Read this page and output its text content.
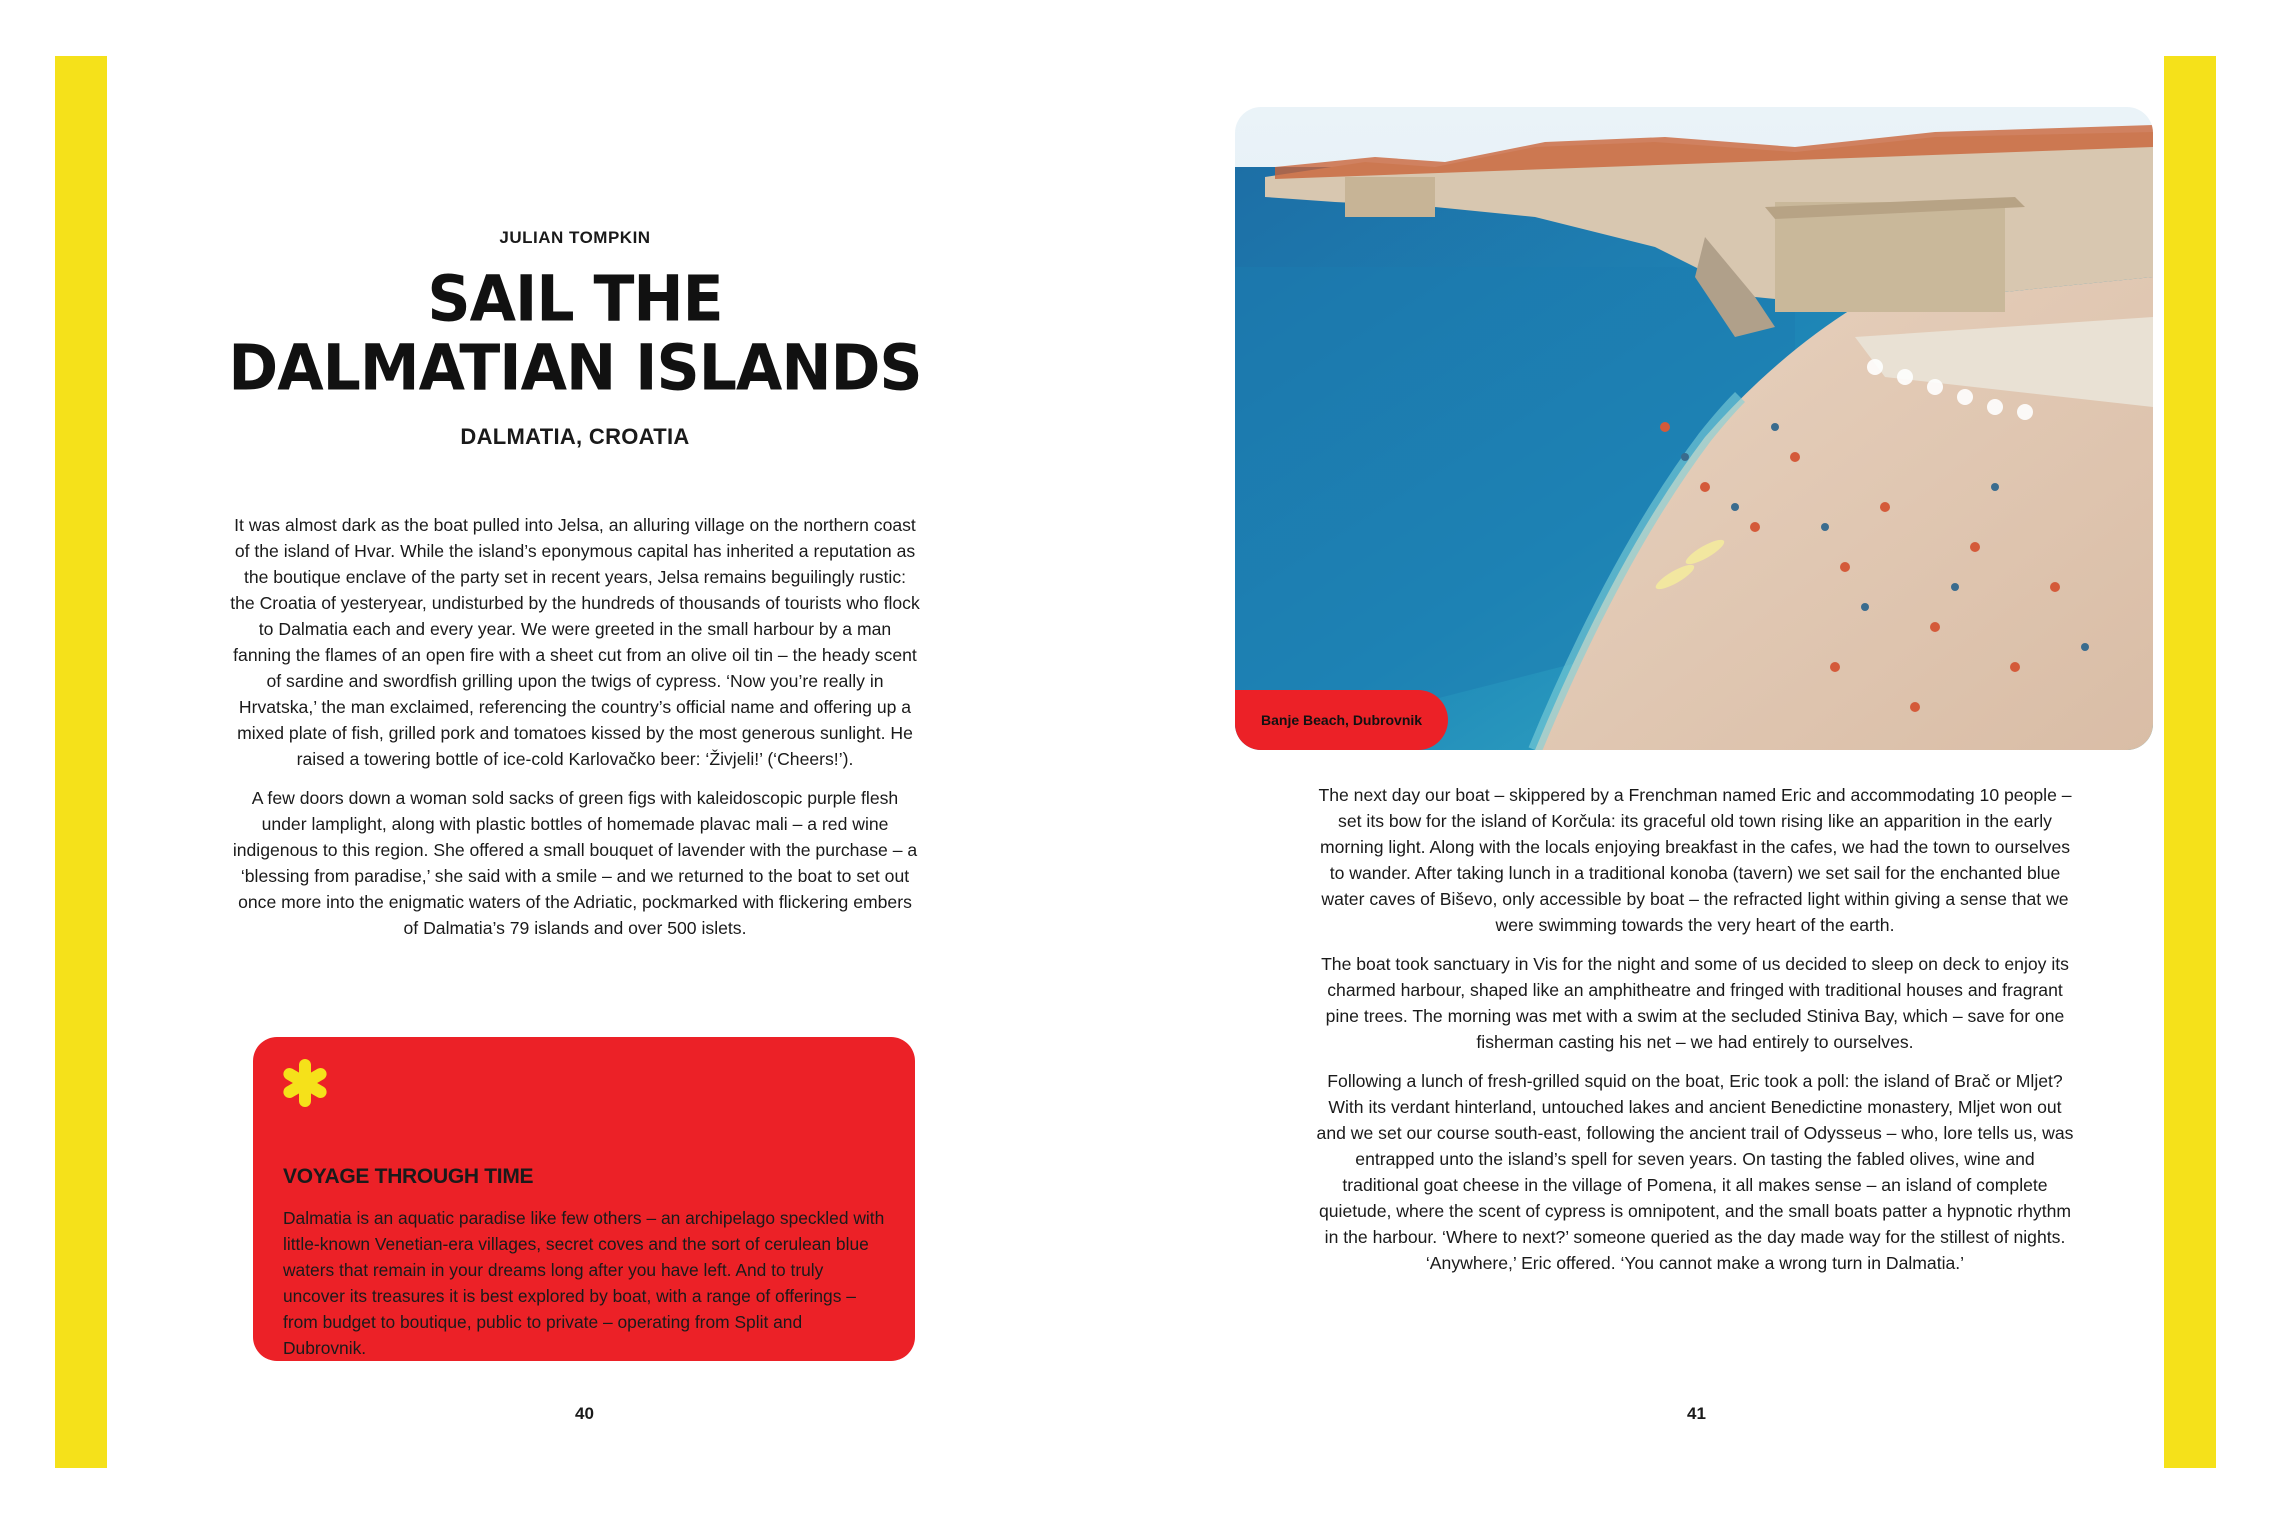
JULIAN TOMPKIN
SAIL THE
DALMATIAN ISLANDS
DALMATIA, CROATIA

It was almost dark as the boat pulled into Jelsa, an alluring village on the northern coast of the island of Hvar. While the island’s eponymous capital has inherited a reputation as the boutique enclave of the party set in recent years, Jelsa remains beguilingly rustic: the Croatia of yesteryear, undisturbed by the hundreds of thousands of tourists who flock to Dalmatia each and every year. We were greeted in the small harbour by a man fanning the flames of an open fire with a sheet cut from an olive oil tin – the heady scent of sardine and swordfish grilling upon the twigs of cypress. ‘Now you’re really in Hrvatska,’ the man exclaimed, referencing the country’s official name and offering up a mixed plate of fish, grilled pork and tomatoes kissed by the most generous sunlight. He raised a towering bottle of ice-cold Karlovačko beer: ‘Živjeli!’ (‘Cheers!’).

A few doors down a woman sold sacks of green figs with kaleidoscopic purple flesh under lamplight, along with plastic bottles of homemade plavac mali – a red wine indigenous to this region. She offered a small bouquet of lavender with the purchase – a ‘blessing from paradise,’ she said with a smile – and we returned to the boat to set out once more into the enigmatic waters of the Adriatic, pockmarked with flickering embers of Dalmatia’s 79 islands and over 500 islets.

VOYAGE THROUGH TIME
Dalmatia is an aquatic paradise like few others – an archipelago speckled with little-known Venetian-era villages, secret coves and the sort of cerulean blue waters that remain in your dreams long after you have left. And to truly uncover its treasures it is best explored by boat, with a range of offerings – from budget to boutique, public to private – operating from Split and Dubrovnik.
40	41
Banje Beach, Dubrovnik

The next day our boat – skippered by a Frenchman named Eric and accommodating 10 people – set its bow for the island of Korčula: its graceful old town rising like an apparition in the early morning light. Along with the locals enjoying breakfast in the cafes, we had the town to ourselves to wander. After taking lunch in a traditional konoba (tavern) we set sail for the enchanted blue water caves of Biševo, only accessible by boat – the refracted light within giving a sense that we were swimming towards the very heart of the earth.

The boat took sanctuary in Vis for the night and some of us decided to sleep on deck to enjoy its charmed harbour, shaped like an amphitheatre and fringed with traditional houses and fragrant pine trees. The morning was met with a swim at the secluded Stiniva Bay, which – save for one fisherman casting his net – we had entirely to ourselves.

Following a lunch of fresh-grilled squid on the boat, Eric took a poll: the island of Brač or Mljet? With its verdant hinterland, untouched lakes and ancient Benedictine monastery, Mljet won out and we set our course south-east, following the ancient trail of Odysseus – who, lore tells us, was entrapped unto the island’s spell for seven years. On tasting the fabled olives, wine and traditional goat cheese in the village of Pomena, it all makes sense – an island of complete quietude, where the scent of cypress is omnipotent, and the small boats patter a hypnotic rhythm in the harbour. ‘Where to next?’ someone queried as the day made way for the stillest of nights. ‘Anywhere,’ Eric offered. ‘You cannot make a wrong turn in Dalmatia.’
